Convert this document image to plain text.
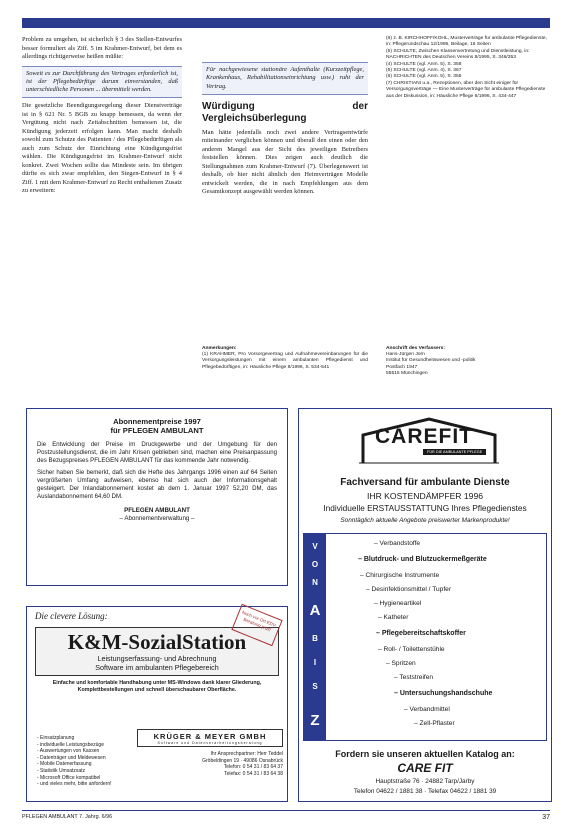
Problem zu umgehen, ist sicherlich § 3 des Stellen-Entwurfes besser formuliert als Ziff. 5 im Krahmer-Entwurf, bei dem es allerdings richtigerweise heißen müßte:

Soweit es zur Durchführung des Vertrages erforderlich ist, ist der Pflegebedürftige darum einverstanden, daß unterschiedliche Personen ... übermittelt werden.

Die gesetzliche Beendigungsregelung dieser Dienstverträge ist in § 621 Nr. 5 BGB zu knapp bemessen, da wenn der Vergütung nicht nach Zeitabschnitten bemessen ist, die Kündigung jederzeit erfolgen kann. Man macht deshalb sowohl zum Schutze des Patienten / des Pflegebedürftigen als auch zum Schutz der Einrichtung eine Kündigungsfrist wählen. Die Kündigungsfrist im Krahmer-Entwurf nicht konkret. Zwei Wochen sollte das Mindeste sein. Im übrigen dürfte es sich zwar empfehlen, den Stegen-Entwurf in § 4 Ziff. 1 mit dem Krahmer-Entwurf zu Recht enthaltenen Zusatz zu erweitern:

Für nachgewiesene stationäre Aufenthalte (Kurzzeitpflege, Krankenhaus, Rehabilitationseinrichtung usw.) ruht der Vertrag.
Würdigung der Vergleichsüberlegung

Man hätte jedenfalls noch zwei andere Vertragsentwürfe miteinander verglichen können und überall den einen oder den anderen Mangel aus der Sicht des jeweiligen Betreibers feststellen können. Dies zeigen auch deutlich die Stellungnahmen zum Krahmer-Entwurf (7). Überlegenswert ist deshalb, ob hier nicht ähnlich den Heimverträgen Modelle entwickelt werden, die in nach Empfehlungen aus dem Gesamtkonzept ausgewählt werden können.

(6) z. B. KIRCHHOFF/KOHL, Musterverträge für ambulante Pflegedienste, in: Pflegerundschau 12/1995, Beilage, 16 Seiten

(5) SCHULTE, Zwischen Klassenvertretung und Dienstleistung, in: NACHRICHTEN des Deutschen Vereins 8/1995, S. 346/353

(4) SCHULTE (vgl. Anm. 5), S. 358

(5) SCHULTE (vgl. Anm. 4), S. 367

(6) SCHULTE (vgl. Anm. 5), S. 355

(7) CHRISTIANI u.a., Rezeptionen, über den Sicht einiger für Versorgungsverträge — Eine Musterverträge für ambulante Pflegedienste aus der Diskussion, in: Häusliche Pflege 6/1996, S. 434-447

Anmerkungen:

(1) KRAHMER, Pro Vorsorgevertrag und Aufnahmevereinbarungen für die Versorgungsleistungen mit einem ambulanten Pflegedienst und Pflegebedürftigen, in: Häusliche Pflege 8/1996, S. 534-541

Anschrift des Verfassers:

Hans-Jürgen Jorn

Institut für Gesundheitswesen und -politik

Postfach 1947

55515 Münchingen

Abonnementpreise 1997
für PFLEGEN AMBULANT

Die Entwicklung der Preise im Druckgewerbe und der Umgebung für den Postzustellungsdienst, die im Jahr Krisen geblieben sind, machen eine Preisanpassung des Bezugspreises PFLEGEN AMBULANT für das kommende Jahr notwendig.

Sicher haben Sie bemerkt, daß sich die Hefte des Jahrgangs 1996 einen auf 64 Seiten vergrößerten Umfang aufweisen, ebenso hat sich auch der Informationsgehalt gesteigert. Der Inlandabonnement kostet ab dem 1. Januar 1997 52,20 DM, das Auslandabonnement 64,60 DM.

PFLEGEN AMBULANT
– Abonnementverwaltung –
Die clevere Lösung:	Noch vor Ort EDV-Beratung jetzt!
K&M-SozialStation
Leistungserfassung- und Abrechnung
Software im ambulanten Pflegebereich
Einfache und komfortable Handhabung unter MS-Windows dank klarer Gliederung, Komplettbestellungen und schnell überschaubarer Oberfläche.
- Einsatzplanung
- individuelle Leistungsbezüge
- Auswertungen von Kassen
- Datenträger und Meldewesen
- Mobile Datenerfassung
- Statistik Umsatzsatz
- Microsoft Office kompatibel
- und vieles mehr, bitte anfordern!
KRÜGER & MEYER GMBH
Software und Datenverarbeitungsberatung
Ihr Ansprechpartner: Herr Teddel
Gröbeldingen 19 · 49086 Osnabrück
Telefon: 0 54 31 / 83 64 37
Telefax: 0 54 31 / 83 64 38
CAREFIT
FÜR DIE AMBULANTE PFLEGE
Fachversand für ambulante Dienste
IHR KOSTENDÄMPFER 1996
Individuelle ERSTAUSSTATTUNG Ihres Pflegedienstes
Sonntäglich aktuelle Angebote preiswerter Markenprodukte!
V
O
N
A
B
I
S
Z
– Verbandstoffe
– Blutdruck- und Blutzuckermeßgeräte
– Chirurgische Instrumente
– Desinfektionsmittel / Tupfer
– Hygieneartikel
– Katheter
– Pflegebereitschaftskoffer
– Roll- / Toilettenstühle
– Spritzen
– Teststreifen
– Untersuchungshandschuhe
– Verbandmittel
– Zell-Pflaster
Fordern sie unseren aktuellen Katalog an:
CARE FIT
Hauptstraße 76 · 24882 Tarp/Jarby
Telefon 04622 / 1881 38 · Telefax 04622 / 1881 39
PFLEGEN AMBULANT 7. Jahrg. 6/96	37
